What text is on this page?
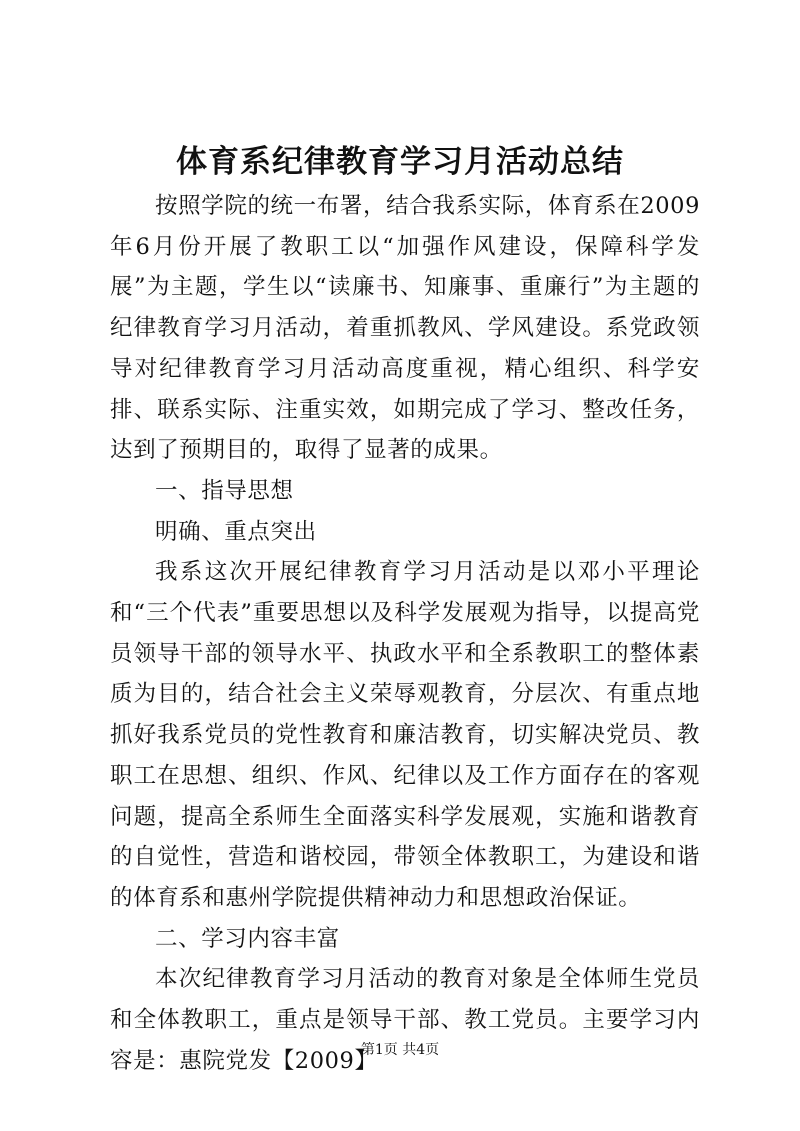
体育系纪律教育学习月活动总结

按照学院的统一布署，结合我系实际，体育系在2009年6月份开展了教职工以“加强作风建设，保障科学发展”为主题，学生以“读廉书、知廉事、重廉行”为主题的纪律教育学习月活动，着重抓教风、学风建设。系党政领导对纪律教育学习月活动高度重视，精心组织、科学安排、联系实际、注重实效，如期完成了学习、整改任务，达到了预期目的，取得了显著的成果。

一、指导思想

明确、重点突出

我系这次开展纪律教育学习月活动是以邓小平理论和“三个代表”重要思想以及科学发展观为指导，以提高党员领导干部的领导水平、执政水平和全系教职工的整体素质为目的，结合社会主义荣辱观教育，分层次、有重点地抓好我系党员的党性教育和廉洁教育，切实解决党员、教职工在思想、组织、作风、纪律以及工作方面存在的客观问题，提高全系师生全面落实科学发展观，实施和谐教育的自觉性，营造和谐校园，带领全体教职工，为建设和谐的体育系和惠州学院提供精神动力和思想政治保证。

二、学习内容丰富

本次纪律教育学习月活动的教育对象是全体师生党员和全体教职工，重点是领导干部、教工党员。主要学习内容是：惠院党发【2009】

第1页 共4页
